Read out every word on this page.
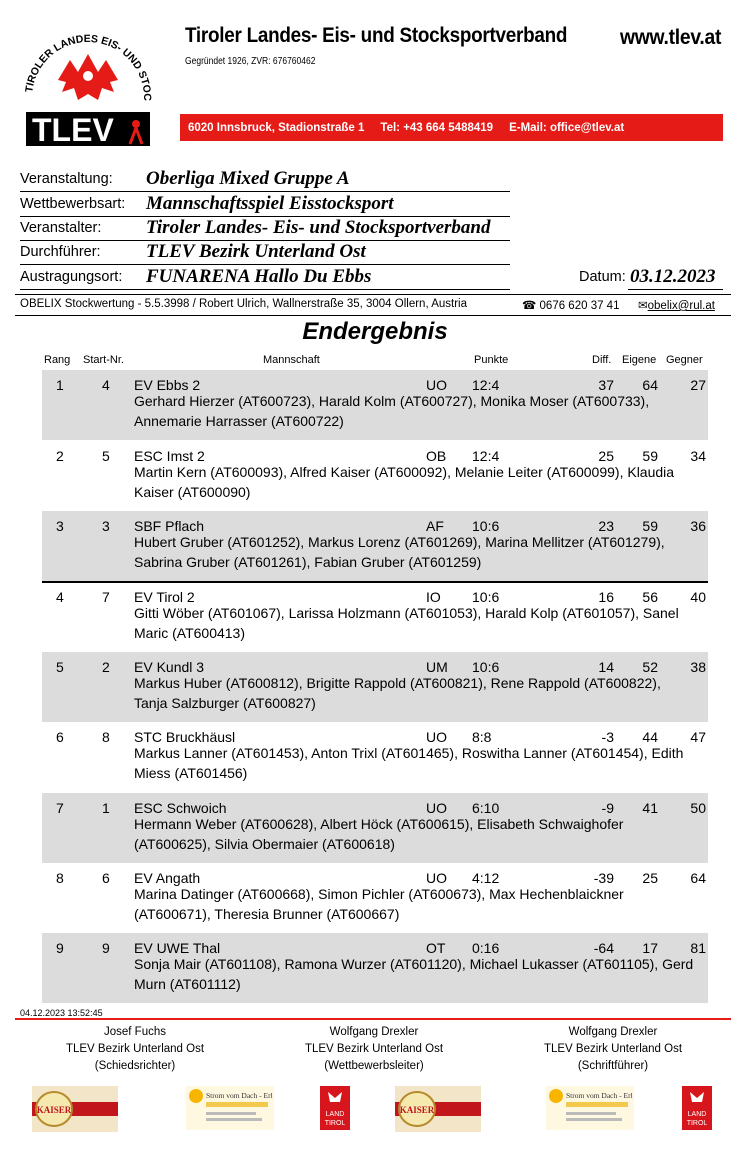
TIROLER LANDES EIS- UND STOC
TLEV
Tiroler Landes- Eis- und Stocksportverband	www.tlev.at
Gegründet 1926, ZVR: 676760462
6020 Innsbruck, Stadionstraße 1 Tel: +43 664 5488419 E-Mail: office@tlev.at
Veranstaltung: Oberliga Mixed Gruppe A
Wettbewerbsart: Mannschaftsspiel Eisstocksport
Veranstalter: Tiroler Landes- Eis- und Stocksportverband
Durchführer: TLEV Bezirk Unterland Ost
Austragungsort: FUNARENA Hallo Du Ebbs	Datum: 03.12.2023
OBELIX Stockwertung - 5.5.3998 / Robert Ulrich, Wallnerstraße 35, 3004 Ollern, Austria	☎ 0676 620 37 41 ✉obelix@rul.at
Endergebnis
Rang Start-Nr.	Mannschaft	Punkte	Diff. Eigene Gegner
1	4 EV Ebbs 2	UO 12:4	37	64	27
Gerhard Hierzer (AT600723), Harald Kolm (AT600727), Monika Moser (AT600733), Annemarie Harrasser (AT600722)
2	5 ESC Imst 2	OB 12:4	25	59	34
Martin Kern (AT600093), Alfred Kaiser (AT600092), Melanie Leiter (AT600099), Klaudia Kaiser (AT600090)
3	3 SBF Pflach	AF 10:6	23	59	36
Hubert Gruber (AT601252), Markus Lorenz (AT601269), Marina Mellitzer (AT601279), Sabrina Gruber (AT601261), Fabian Gruber (AT601259)
4	7 EV Tirol 2	IO 10:6	16	56	40
Gitti Wöber (AT601067), Larissa Holzmann (AT601053), Harald Kolp (AT601057), Sanel Maric (AT600413)
5	2 EV Kundl 3	UM 10:6	14	52	38
Markus Huber (AT600812), Brigitte Rappold (AT600821), Rene Rappold (AT600822), Tanja Salzburger (AT600827)
6	8 STC Bruckhäusl	UO 8:8	-3	44	47
Markus Lanner (AT601453), Anton Trixl (AT601465), Roswitha Lanner (AT601454), Edith Miess (AT601456)
7	1 ESC Schwoich	UO 6:10	-9	41	50
Hermann Weber (AT600628), Albert Höck (AT600615), Elisabeth Schwaighofer (AT600625), Silvia Obermaier (AT600618)
8	6 EV Angath	UO 4:12	-39	25	64
Marina Datinger (AT600668), Simon Pichler (AT600673), Max Hechenblaickner (AT600671), Theresia Brunner (AT600667)
9	9 EV UWE Thal	OT 0:16	-64	17	81
Sonja Mair (AT601108), Ramona Wurzer (AT601120), Michael Lukasser (AT601105), Gerd Murn (AT601112)
04.12.2023 13:52:45
Josef Fuchs
TLEV Bezirk Unterland Ost
(Schiedsrichter)
Wolfgang Drexler
TLEV Bezirk Unterland Ost
(Wettbewerbsleiter)
Wolfgang Drexler
TLEV Bezirk Unterland Ost
(Schriftführer)
KAISER
Strom vom Dach - Erl
LAND
TIROL
KAISER
Strom vom Dach - Erl
LAND
TIROL
